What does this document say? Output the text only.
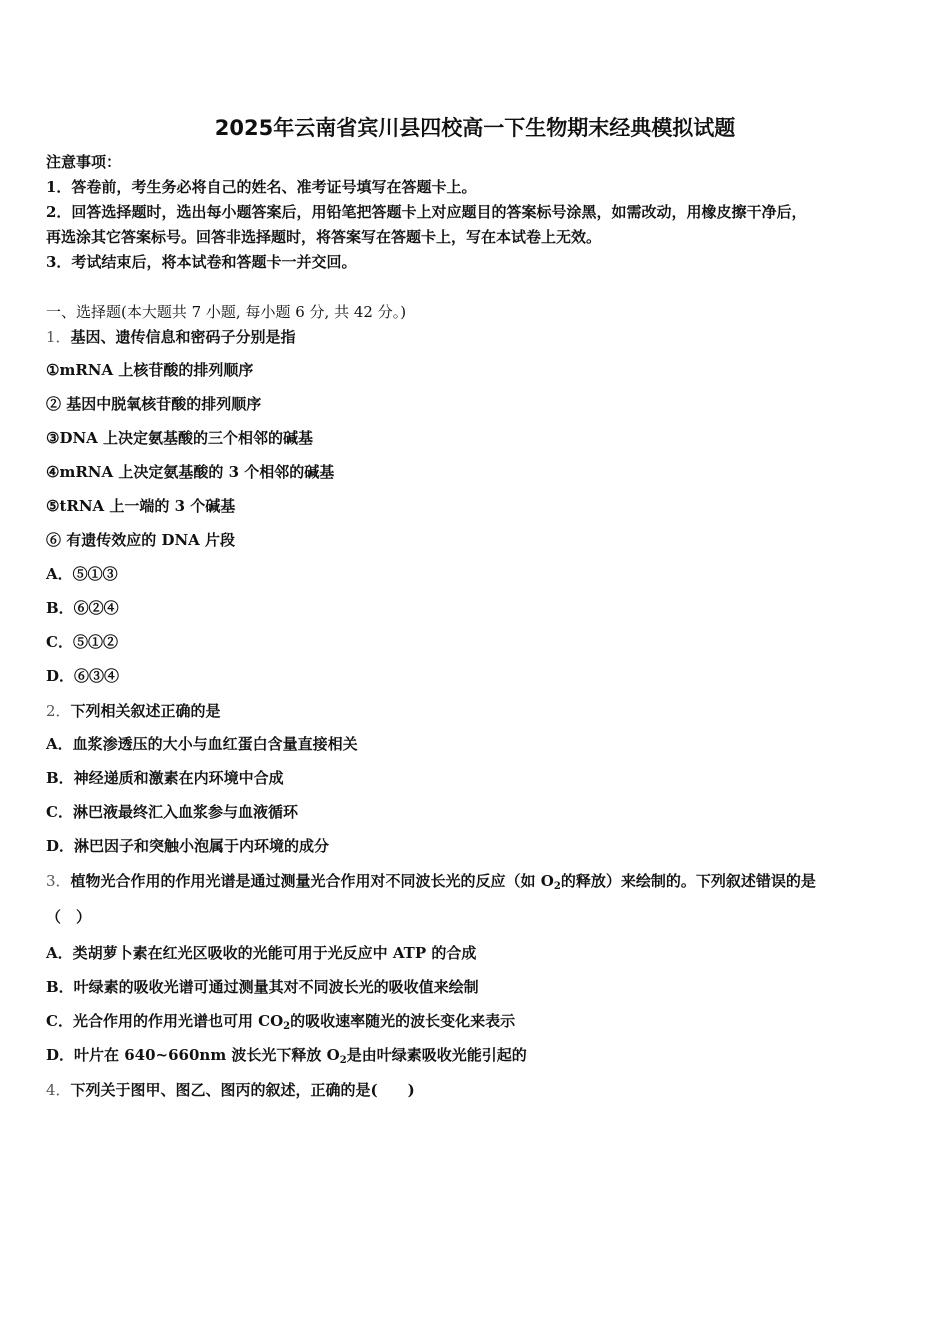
2025年云南省宾川县四校高一下生物期末经典模拟试题
注意事项：
1．答卷前，考生务必将自己的姓名、准考证号填写在答题卡上。
2．回答选择题时，选出每小题答案后，用铅笔把答题卡上对应题目的答案标号涂黑，如需改动，用橡皮擦干净后，
再选涂其它答案标号。回答非选择题时，将答案写在答题卡上，写在本试卷上无效。
3．考试结束后，将本试卷和答题卡一并交回。
一、选择题(本大题共 7 小题, 每小题 6 分, 共 42 分。)
1．基因、遗传信息和密码子分别是指
①mRNA 上核苷酸的排列顺序
② 基因中脱氧核苷酸的排列顺序
③DNA 上决定氨基酸的三个相邻的碱基
④mRNA 上决定氨基酸的 3 个相邻的碱基
⑤tRNA 上一端的 3 个碱基
⑥ 有遗传效应的 DNA 片段
A．⑤①③
B．⑥②④
C．⑤①②
D．⑥③④
2．下列相关叙述正确的是
A．血浆渗透压的大小与血红蛋白含量直接相关
B．神经递质和激素在内环境中合成
C．淋巴液最终汇入血浆参与血液循环
D．淋巴因子和突触小泡属于内环境的成分
3．植物光合作用的作用光谱是通过测量光合作用对不同波长光的反应（如 $O_2$的释放）来绘制的。下列叙述错误的是
（　）
A．类胡萝卜素在红光区吸收的光能可用于光反应中 ATP 的合成
B．叶绿素的吸收光谱可通过测量其对不同波长光的吸收值来绘制
C．光合作用的作用光谱也可用 $CO_2$的吸收速率随光的波长变化来表示
D．叶片在 640~660nm 波长光下释放 $O_2$是由叶绿素吸收光能引起的
4．下列关于图甲、图乙、图丙的叙述，正确的是(　　)
